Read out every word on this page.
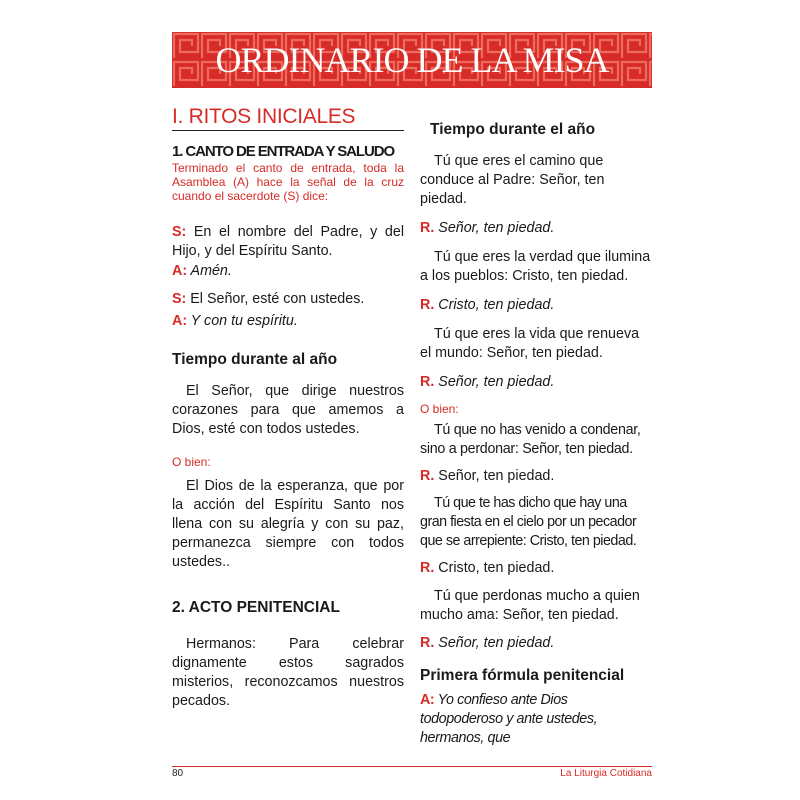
ORDINARIO DE LA MISA
I. RITOS INICIALES
1. CANTO DE ENTRADA Y SALUDO

Terminado el canto de entrada, toda la Asamblea (A) hace la señal de la cruz cuando el sacerdote (S) dice:

S: En el nombre del Padre, y del Hijo, y del Espíritu Santo.

A: Amén.

S: El Señor, esté con ustedes.

A: Y con tu espíritu.

Tiempo durante al año

El Señor, que dirige nuestros corazones para que amemos a Dios, esté con todos ustedes.

O bien:

El Dios de la esperanza, que por la acción del Espíritu Santo nos llena con su alegría y con su paz, permanezca siempre con todos ustedes..

2. ACTO PENITENCIAL

Hermanos: Para celebrar dignamente estos sagrados misterios, reconozcamos nuestros pecados.

Tiempo durante el año

Tú que eres el camino que conduce al Padre: Señor, ten piedad.

R. Señor, ten piedad.

Tú que eres la verdad que ilumina a los pueblos: Cristo, ten piedad.

R. Cristo, ten piedad.

Tú que eres la vida que renueva el mundo: Señor, ten piedad.

R. Señor, ten piedad.

O bien:

Tú que no has venido a condenar, sino a perdonar: Señor, ten piedad.

R. Señor, ten piedad.

Tú que te has dicho que hay una gran fiesta en el cielo por un pecador que se arrepiente: Cristo, ten piedad.

R. Cristo, ten piedad.

Tú que perdonas mucho a quien mucho ama: Señor, ten piedad.

R. Señor, ten piedad.

Primera fórmula penitencial

A: Yo confieso ante Dios todopoderoso y ante ustedes, hermanos, que

80	La Liturgia Cotidiana
